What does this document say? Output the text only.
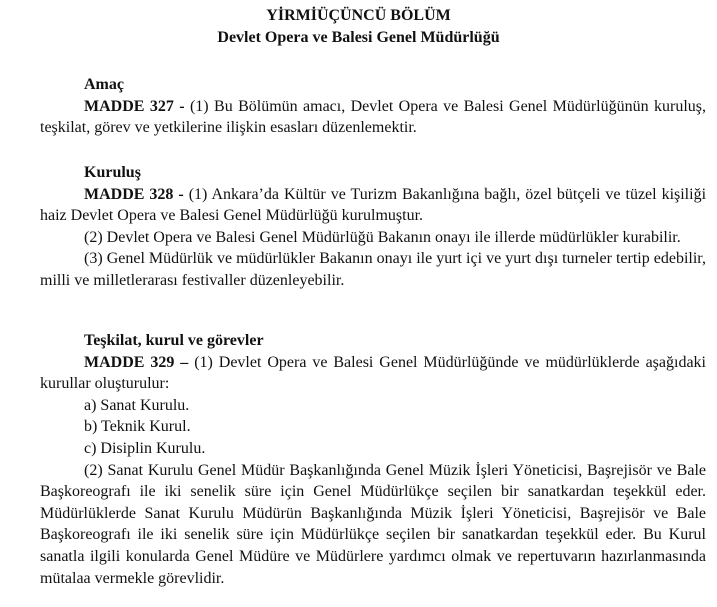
YİRMİÜÇÜNCÜ BÖLÜM
Devlet Opera ve Balesi Genel Müdürlüğü
Amaç

MADDE 327 - (1) Bu Bölümün amacı, Devlet Opera ve Balesi Genel Müdürlüğünün kuruluş, teşkilat, görev ve yetkilerine ilişkin esasları düzenlemektir.

Kuruluş

MADDE 328 - (1) Ankara’da Kültür ve Turizm Bakanlığına bağlı, özel bütçeli ve tüzel kişiliği haiz Devlet Opera ve Balesi Genel Müdürlüğü kurulmuştur.

(2) Devlet Opera ve Balesi Genel Müdürlüğü Bakanın onayı ile illerde müdürlükler kurabilir.

(3) Genel Müdürlük ve müdürlükler Bakanın onayı ile yurt içi ve yurt dışı turneler tertip edebilir, milli ve milletlerarası festivaller düzenleyebilir.

Teşkilat, kurul ve görevler

MADDE 329 – (1) Devlet Opera ve Balesi Genel Müdürlüğünde ve müdürlüklerde aşağıdaki kurullar oluşturulur:

a) Sanat Kurulu.

b) Teknik Kurul.

c) Disiplin Kurulu.

(2) Sanat Kurulu Genel Müdür Başkanlığında Genel Müzik İşleri Yöneticisi, Başrejisör ve Bale Başkoreografı ile iki senelik süre için Genel Müdürlükçe seçilen bir sanatkardan teşekkül eder. Müdürlüklerde Sanat Kurulu Müdürün Başkanlığında Müzik İşleri Yöneticisi, Başrejisör ve Bale Başkoreografı ile iki senelik süre için Müdürlükçe seçilen bir sanatkardan teşekkül eder. Bu Kurul sanatla ilgili konularda Genel Müdüre ve Müdürlere yardımcı olmak ve repertuvarın hazırlanmasında mütalaa vermekle görevlidir.
